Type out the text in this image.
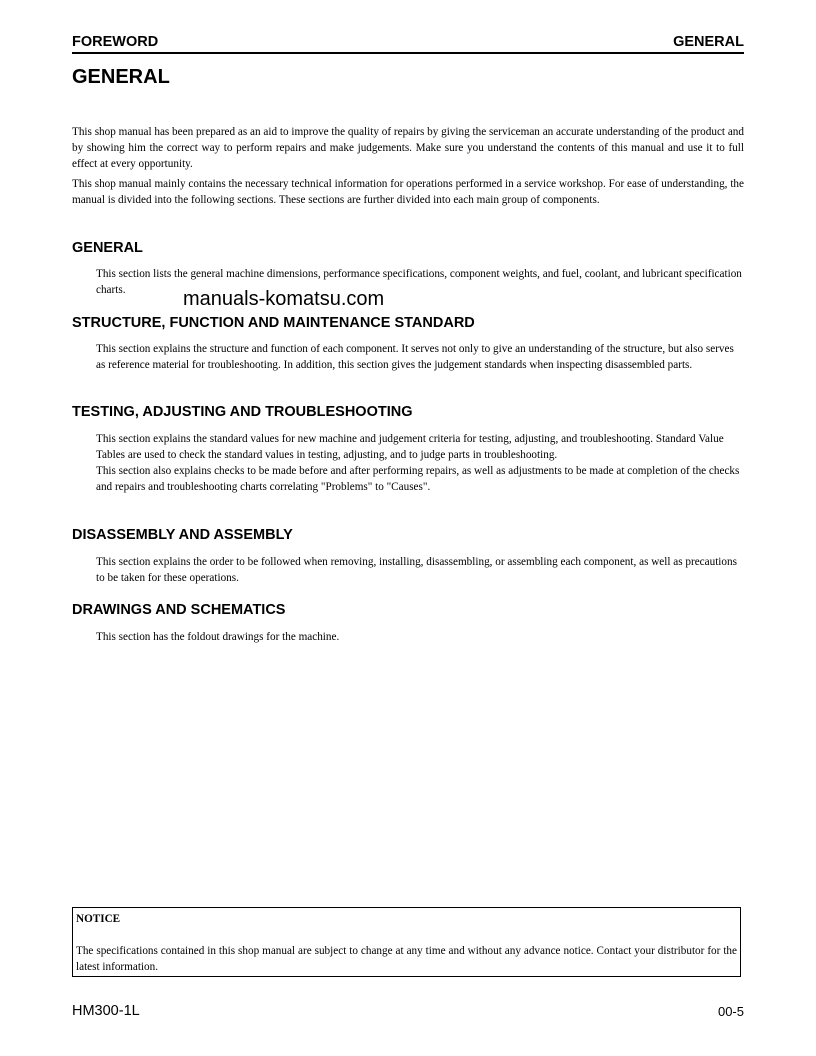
FOREWORD	GENERAL
GENERAL

This shop manual has been prepared as an aid to improve the quality of repairs by giving the serviceman an accurate understanding of the product and by showing him the correct way to perform repairs and make judgements. Make sure you understand the contents of this manual and use it to full effect at every opportunity.

This shop manual mainly contains the necessary technical information for operations performed in a service workshop. For ease of understanding, the manual is divided into the following sections. These sections are further divided into each main group of components.

GENERAL

This section lists the general machine dimensions, performance specifications, component weights, and fuel, coolant, and lubricant specification charts.	manuals-komatsu.com
STRUCTURE, FUNCTION AND MAINTENANCE STANDARD

This section explains the structure and function of each component. It serves not only to give an understanding of the structure, but also serves as reference material for troubleshooting. In addition, this section gives the judgement standards when inspecting disassembled parts.

TESTING, ADJUSTING AND TROUBLESHOOTING

This section explains the standard values for new machine and judgement criteria for testing, adjusting, and troubleshooting. Standard Value Tables are used to check the standard values in testing, adjusting, and to judge parts in troubleshooting.

This section also explains checks to be made before and after performing repairs, as well as adjustments to be made at completion of the checks and repairs and troubleshooting charts correlating "Problems" to "Causes".

DISASSEMBLY AND ASSEMBLY

This section explains the order to be followed when removing, installing, disassembling, or assembling each component, as well as precautions to be taken for these operations.

DRAWINGS AND SCHEMATICS

This section has the foldout drawings for the machine.

NOTICE
The specifications contained in this shop manual are subject to change at any time and without any advance notice. Contact your distributor for the latest information.
HM300-1L	00-5
